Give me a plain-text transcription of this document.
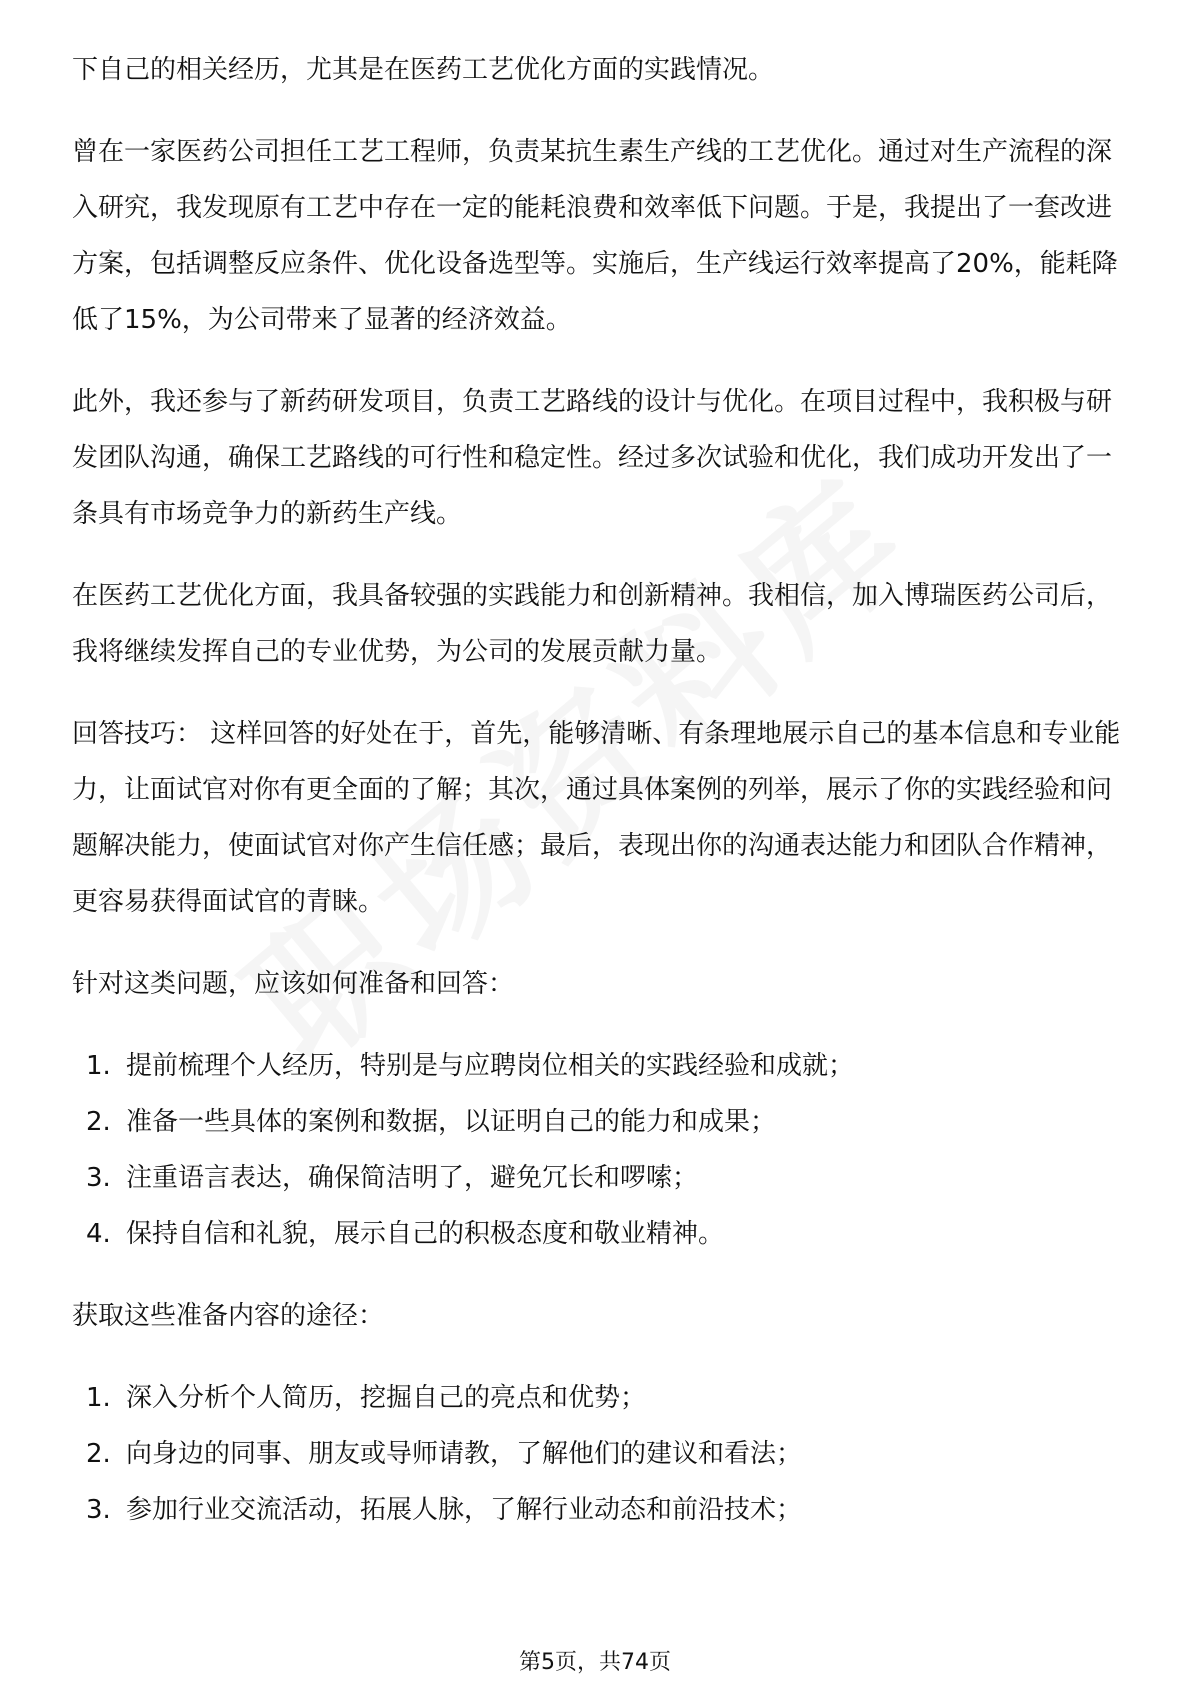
下自己的相关经历，尤其是在医药工艺优化方面的实践情况。

曾在一家医药公司担任工艺工程师，负责某抗生素生产线的工艺优化。通过对生产流程的深入研究，我发现原有工艺中存在一定的能耗浪费和效率低下问题。于是，我提出了一套改进方案，包括调整反应条件、优化设备选型等。实施后，生产线运行效率提高了20%，能耗降低了15%，为公司带来了显著的经济效益。

此外，我还参与了新药研发项目，负责工艺路线的设计与优化。在项目过程中，我积极与研发团队沟通，确保工艺路线的可行性和稳定性。经过多次试验和优化，我们成功开发出了一条具有市场竞争力的新药生产线。

在医药工艺优化方面，我具备较强的实践能力和创新精神。我相信，加入博瑞医药公司后，我将继续发挥自己的专业优势，为公司的发展贡献力量。

回答技巧： 这样回答的好处在于，首先，能够清晰、有条理地展示自己的基本信息和专业能力，让面试官对你有更全面的了解；其次，通过具体案例的列举，展示了你的实践经验和问题解决能力，使面试官对你产生信任感；最后，表现出你的沟通表达能力和团队合作精神，更容易获得面试官的青睐。

针对这类问题，应该如何准备和回答：

1. 提前梳理个人经历，特别是与应聘岗位相关的实践经验和成就；
2. 准备一些具体的案例和数据，以证明自己的能力和成果；
3. 注重语言表达，确保简洁明了，避免冗长和啰嗦；
4. 保持自信和礼貌，展示自己的积极态度和敬业精神。

获取这些准备内容的途径：

1. 深入分析个人简历，挖掘自己的亮点和优势；
2. 向身边的同事、朋友或导师请教，了解他们的建议和看法；
3. 参加行业交流活动，拓展人脉，了解行业动态和前沿技术；
第5页，共74页
